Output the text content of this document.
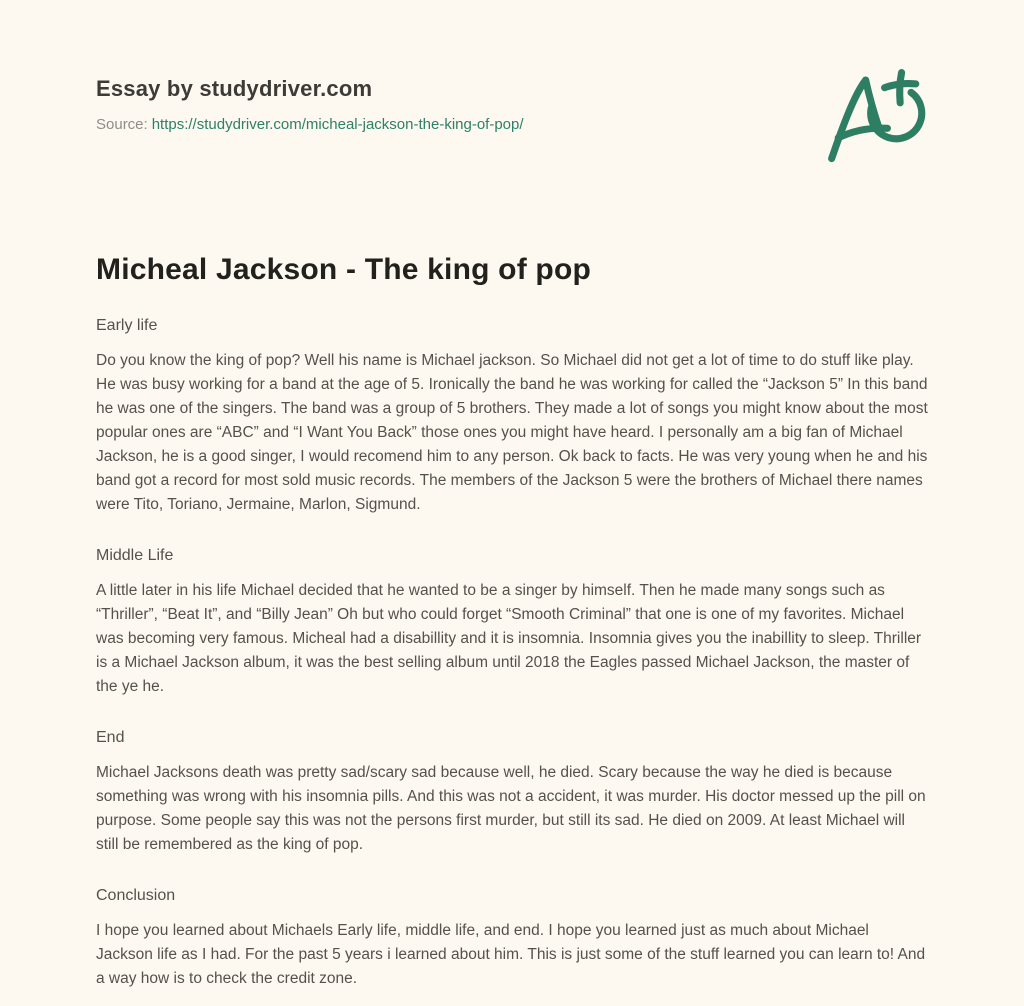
Essay by studydriver.com
Source: https://studydriver.com/micheal-jackson-the-king-of-pop/
Micheal Jackson - The king of pop
Early life

Do you know the king of pop? Well his name is Michael jackson. So Michael did not get a lot of time to do stuff like play. He was busy working for a band at the age of 5. Ironically the band he was working for called the “Jackson 5” In this band he was one of the singers. The band was a group of 5 brothers. They made a lot of songs you might know about the most popular ones are “ABC” and “I Want You Back” those ones you might have heard. I personally am a big fan of Michael Jackson, he is a good singer, I would recomend him to any person. Ok back to facts. He was very young when he and his band got a record for most sold music records. The members of the Jackson 5 were the brothers of Michael there names were Tito, Toriano, Jermaine, Marlon, Sigmund.

Middle Life

A little later in his life Michael decided that he wanted to be a singer by himself. Then he made many songs such as “Thriller”, “Beat It”, and “Billy Jean” Oh but who could forget “Smooth Criminal” that one is one of my favorites. Michael was becoming very famous. Micheal had a disabillity and it is insomnia. Insomnia gives you the inabillity to sleep. Thriller is a Michael Jackson album, it was the best selling album until 2018 the Eagles passed Michael Jackson, the master of the ye he.

End

Michael Jacksons death was pretty sad/scary sad because well, he died. Scary because the way he died is because something was wrong with his insomnia pills. And this was not a accident, it was murder. His doctor messed up the pill on purpose. Some people say this was not the persons first murder, but still its sad. He died on 2009. At least Michael will still be remembered as the king of pop.

Conclusion

I hope you learned about Michaels Early life, middle life, and end. I hope you learned just as much about Michael Jackson life as I had. For the past 5 years i learned about him. This is just some of the stuff learned you can learn to! And a way how is to check the credit zone.
